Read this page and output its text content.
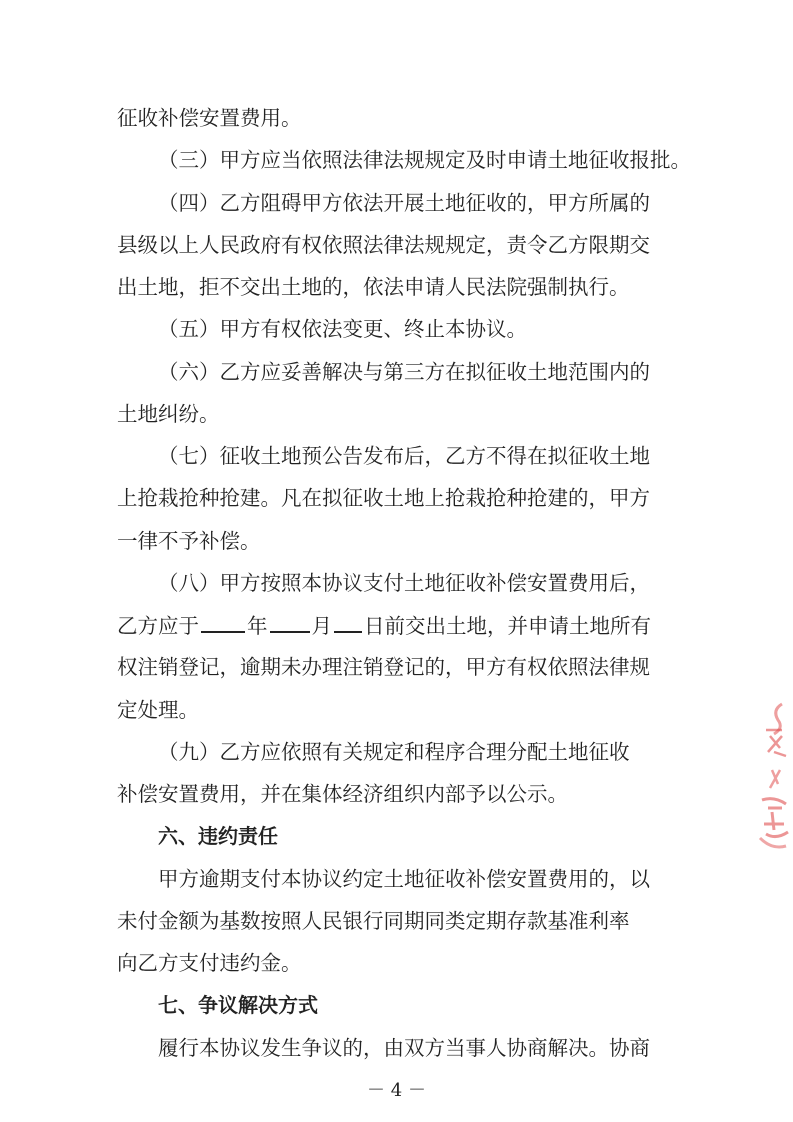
征收补偿安置费用。
（三）甲方应当依照法律法规规定及时申请土地征收报批。
（四）乙方阻碍甲方依法开展土地征收的，甲方所属的
县级以上人民政府有权依照法律法规规定，责令乙方限期交
出土地，拒不交出土地的，依法申请人民法院强制执行。
（五）甲方有权依法变更、终止本协议。
（六）乙方应妥善解决与第三方在拟征收土地范围内的
土地纠纷。
（七）征收土地预公告发布后，乙方不得在拟征收土地
上抢栽抢种抢建。凡在拟征收土地上抢栽抢种抢建的，甲方
一律不予补偿。
（八）甲方按照本协议支付土地征收补偿安置费用后，
乙方应于 年 月 日前交出土地，并申请土地所有
权注销登记，逾期未办理注销登记的，甲方有权依照法律规
定处理。
（九）乙方应依照有关规定和程序合理分配土地征收
补偿安置费用，并在集体经济组织内部予以公示。
六、违约责任
甲方逾期支付本协议约定土地征收补偿安置费用的，以
未付金额为基数按照人民银行同期同类定期存款基准利率
向乙方支付违约金。
七、争议解决方式
履行本协议发生争议的，由双方当事人协商解决。协商
－ 4 －
